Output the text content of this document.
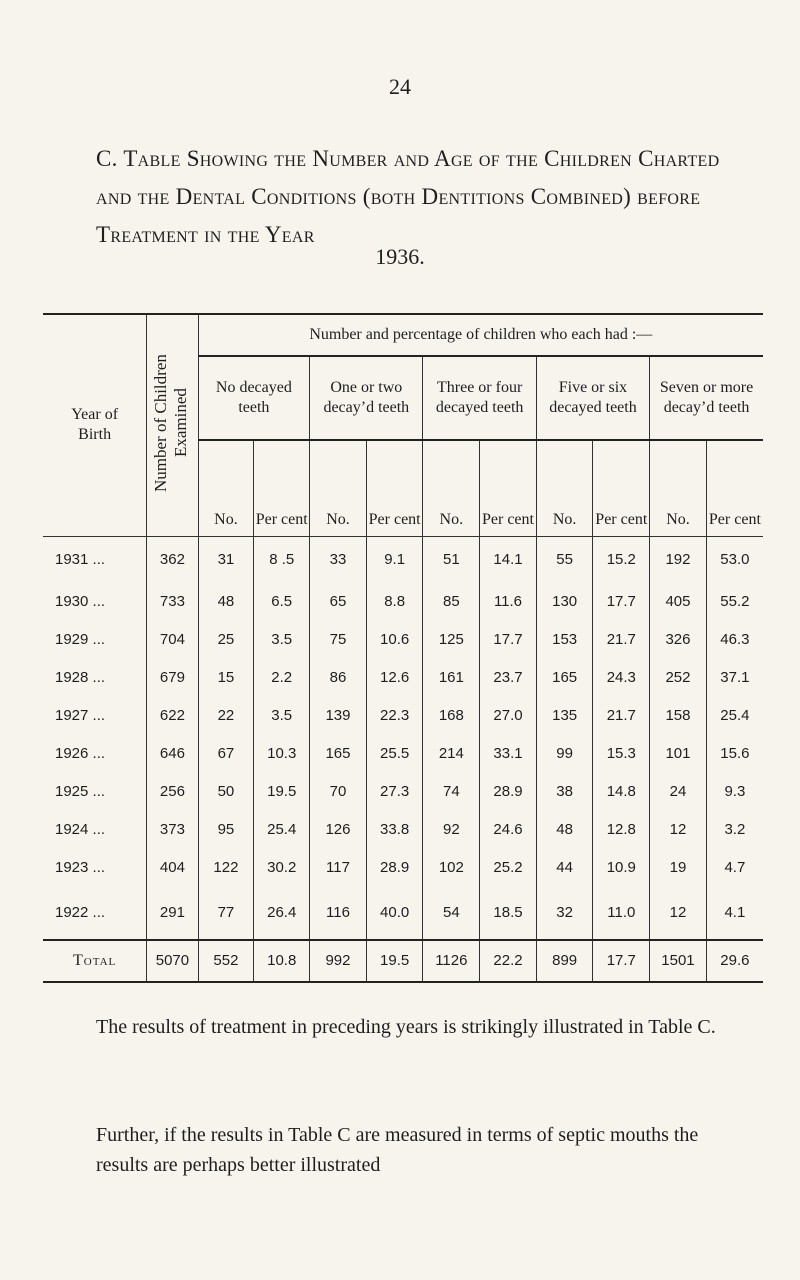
24
C. Table Showing the Number and Age of the Children Charted and the Dental Conditions (both Dentitions Combined) before Treatment in the Year
1936.
Year of Birth	Number of Children Examined	Number and percentage of children who each had :—									
		No decayed teeth		One or two decay’d teeth		Three or four decayed teeth		Five or six decayed teeth		Seven or more decay’d teeth	
		No.	Per cent	No.	Per cent	No.	Per cent	No.	Per cent	No.	Per cent
1931 ...	362	31	8 .5	33	9.1	51	14.1	55	15.2	192	53.0
1930 ...	733	48	6.5	65	8.8	85	11.6	130	17.7	405	55.2
1929 ...	704	25	3.5	75	10.6	125	17.7	153	21.7	326	46.3
1928 ...	679	15	2.2	86	12.6	161	23.7	165	24.3	252	37.1
1927 ...	622	22	3.5	139	22.3	168	27.0	135	21.7	158	25.4
1926 ...	646	67	10.3	165	25.5	214	33.1	99	15.3	101	15.6
1925 ...	256	50	19.5	70	27.3	74	28.9	38	14.8	24	9.3
1924 ...	373	95	25.4	126	33.8	92	24.6	48	12.8	12	3.2
1923 ...	404	122	30.2	117	28.9	102	25.2	44	10.9	19	4.7
1922 ...	291	77	26.4	116	40.0	54	18.5	32	11.0	12	4.1
Total	5070	552	10.8	992	19.5	1126	22.2	899	17.7	1501	29.6
The results of treatment in preceding years is strikingly illustrated in Table C.
Further, if the results in Table C are measured in terms of septic mouths the results are perhaps better illustrated
